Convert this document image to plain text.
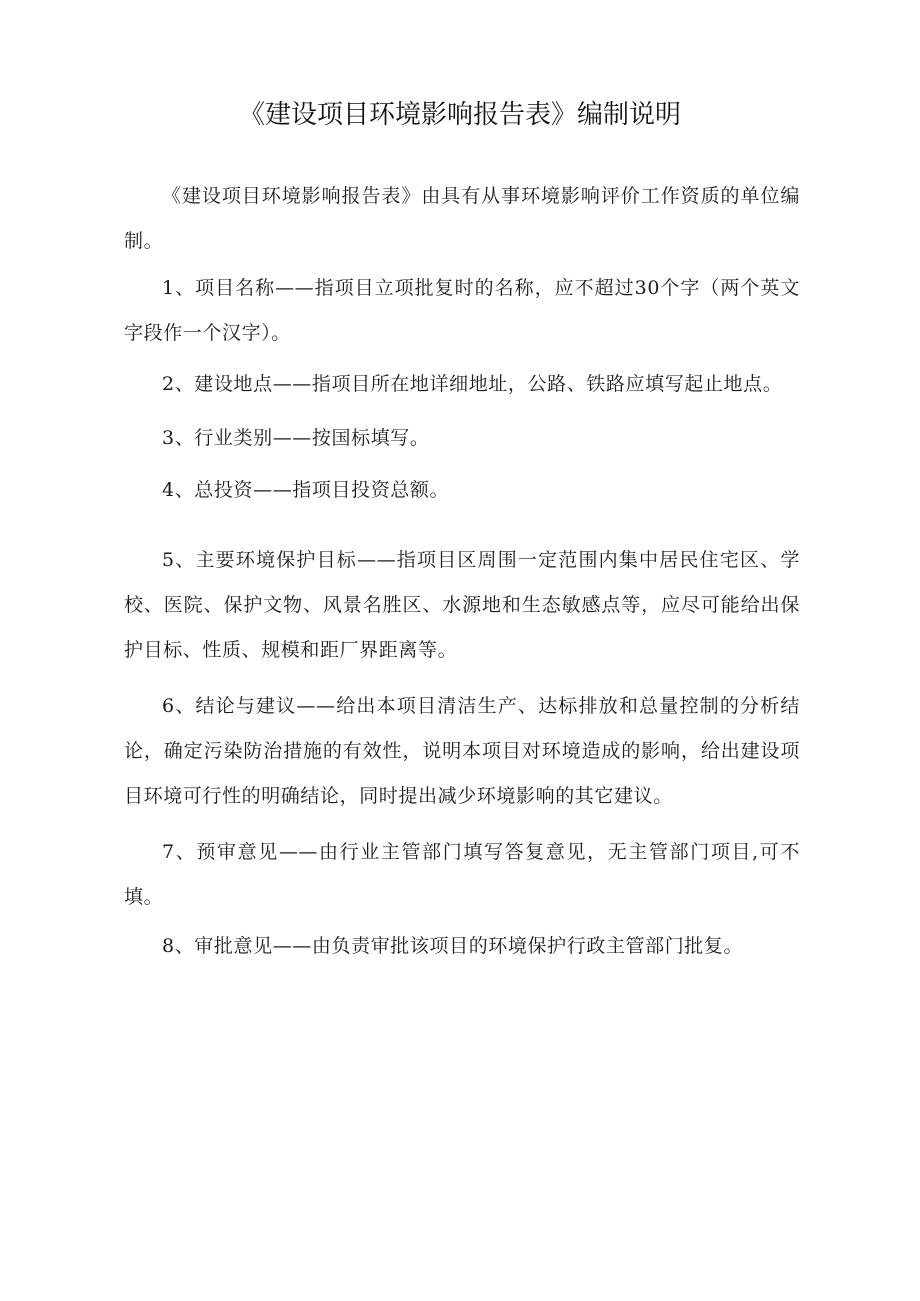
《建设项目环境影响报告表》编制说明

《建设项目环境影响报告表》由具有从事环境影响评价工作资质的单位编制。

1、项目名称——指项目立项批复时的名称，应不超过30个字（两个英文字段作一个汉字）。

2、建设地点——指项目所在地详细地址，公路、铁路应填写起止地点。

3、行业类别——按国标填写。

4、总投资——指项目投资总额。

5、主要环境保护目标——指项目区周围一定范围内集中居民住宅区、学校、医院、保护文物、风景名胜区、水源地和生态敏感点等，应尽可能给出保护目标、性质、规模和距厂界距离等。

6、结论与建议——给出本项目清洁生产、达标排放和总量控制的分析结论，确定污染防治措施的有效性，说明本项目对环境造成的影响，给出建设项目环境可行性的明确结论，同时提出减少环境影响的其它建议。

7、预审意见——由行业主管部门填写答复意见，无主管部门项目,可不填。

8、审批意见——由负责审批该项目的环境保护行政主管部门批复。
